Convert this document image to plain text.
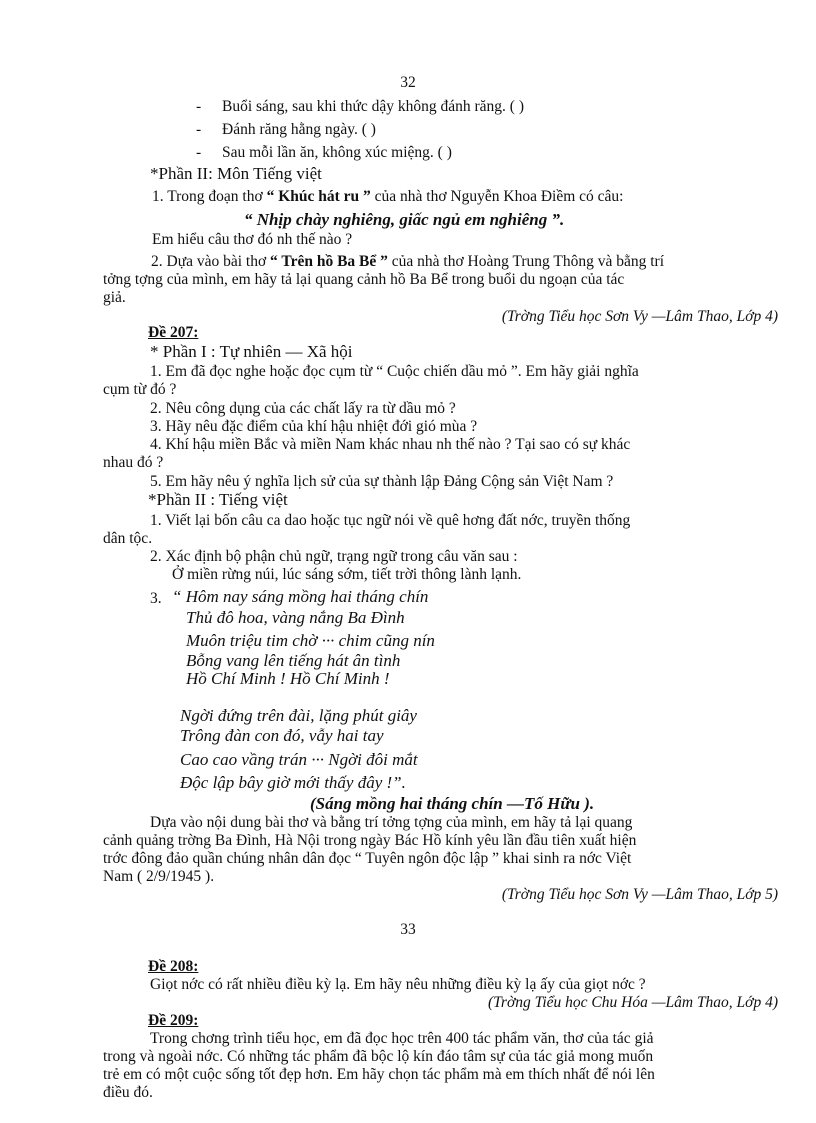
32
- Buổi sáng, sau khi thức dậy không đánh răng. ( )
- Đánh răng hằng ngày. ( )
- Sau mỗi lần ăn, không xúc miệng. ( )
*Phần II: Môn Tiếng việt
1. Trong đoạn thơ “ Khúc hát ru ” của nhà thơ Nguyễn Khoa Điềm có câu:
“ Nhịp chày nghiêng, giấc ngủ em nghiêng ”.
Em hiểu câu thơ đó nh thế nào ?
2. Dựa vào bài thơ “ Trên hồ Ba Bể ” của nhà thơ Hoàng Trung Thông và bằng trí
tởng tợng của mình, em hãy tả lại quang cảnh hồ Ba Bể trong buổi du ngoạn của tác
giả.
(Trờng Tiểu học Sơn Vy —Lâm Thao, Lớp 4)
Đề 207:
* Phần I : Tự nhiên — Xã hội
1. Em đã đọc nghe hoặc đọc cụm từ “ Cuộc chiến dầu mỏ ”. Em hãy giải nghĩa
cụm từ đó ?
2. Nêu công dụng của các chất lấy ra từ dầu mỏ ?
3. Hãy nêu đặc điểm của khí hậu nhiệt đới gió mùa ?
4. Khí hậu miền Bắc và miền Nam khác nhau nh thế nào ? Tại sao có sự khác
nhau đó ?
5. Em hãy nêu ý nghĩa lịch sử của sự thành lập Đảng Cộng sản Việt Nam ?
*Phần II : Tiếng việt
1. Viết lại bốn câu ca dao hoặc tục ngữ nói về quê hơng đất nớc, truyền thống
dân tộc.
2. Xác định bộ phận chủ ngữ, trạng ngữ trong câu văn sau :
Ở miền rừng núi, lúc sáng sớm, tiết trời thông lành lạnh.
3. “ Hôm nay sáng mồng hai tháng chín
Thủ đô hoa, vàng nắng Ba Đình
Muôn triệu tim chờ ··· chim cũng nín
Bỗng vang lên tiếng hát ân tình
Hồ Chí Minh ! Hồ Chí Minh !
Ngời đứng trên đài, lặng phút giây
Trông đàn con đó, vẫy hai tay
Cao cao vầng trán ··· Ngời đôi mắt
Độc lập bây giờ mới thấy đây !”.
(Sáng mồng hai tháng chín —Tố Hữu ).
Dựa vào nội dung bài thơ và bằng trí tởng tợng của mình, em hãy tả lại quang
cảnh quảng trờng Ba Đình, Hà Nội trong ngày Bác Hồ kính yêu lần đầu tiên xuất hiện
trớc đông đảo quần chúng nhân dân đọc “ Tuyên ngôn độc lập ” khai sinh ra nớc Việt
Nam ( 2/9/1945 ).
(Trờng Tiểu học Sơn Vy —Lâm Thao, Lớp 5)
33
Đề 208:
Giọt nớc có rất nhiều điều kỳ lạ. Em hãy nêu những điều kỳ lạ ấy của giọt nớc ?
(Trờng Tiểu học Chu Hóa —Lâm Thao, Lớp 4)
Đề 209:
Trong chơng trình tiểu học, em đã đọc học trên 400 tác phẩm văn, thơ của tác giả
trong và ngoài nớc. Có những tác phẩm đã bộc lộ kín đáo tâm sự của tác giả mong muốn
trẻ em có một cuộc sống tốt đẹp hơn. Em hãy chọn tác phẩm mà em thích nhất để nói lên
điều đó.
